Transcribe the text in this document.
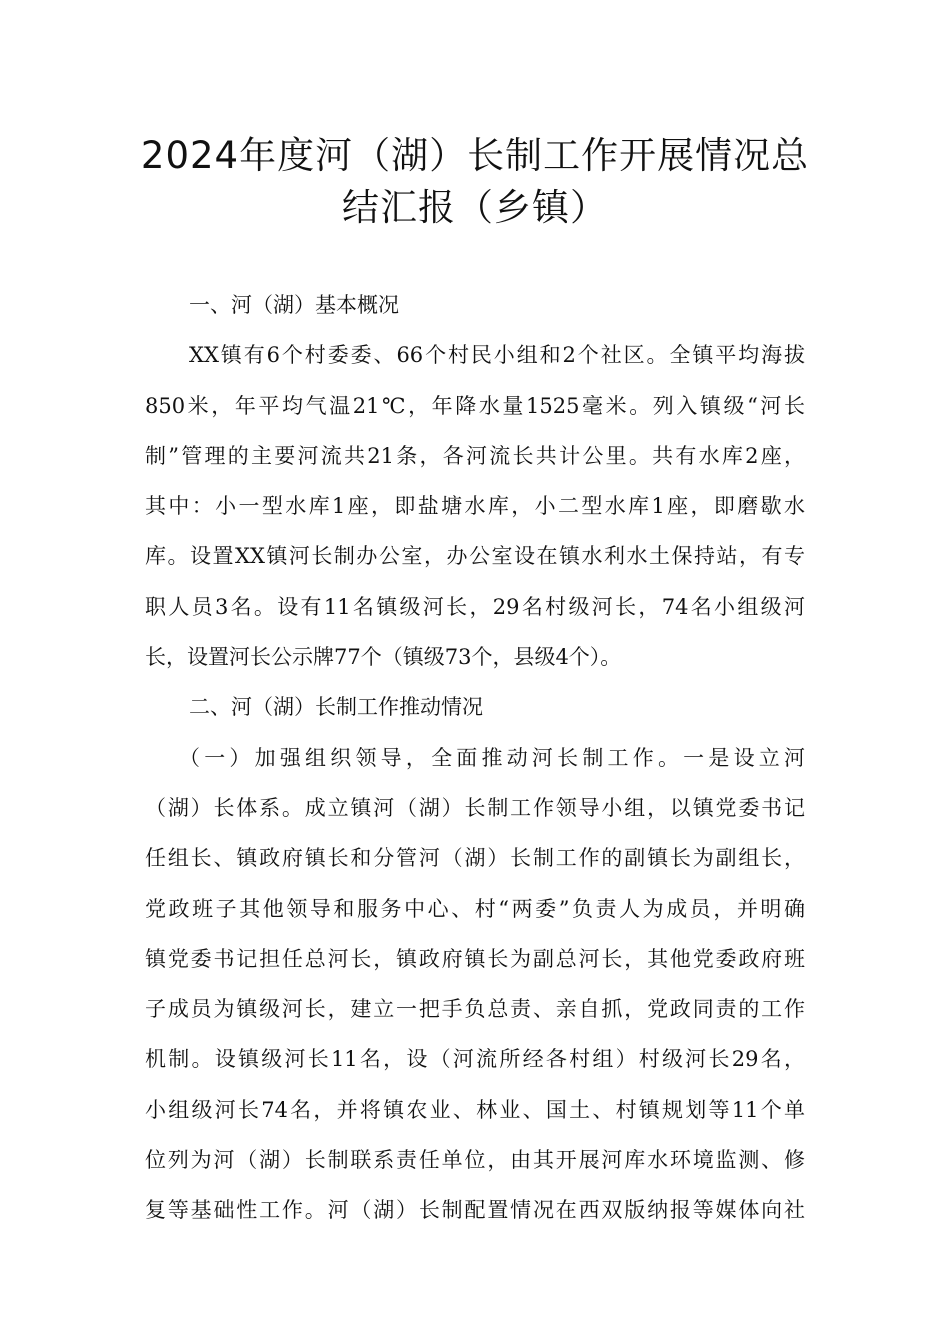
2024年度河（湖）长制工作开展情况总
结汇报（乡镇）
一、河（湖）基本概况
XX镇有6个村委委、66个村民小组和2个社区。全镇平均海拔
850米，年平均气温21℃，年降水量1525毫米。列入镇级“河长
制”管理的主要河流共21条，各河流长共计公里。共有水库2座，
其中：小一型水库1座，即盐塘水库，小二型水库1座，即磨歇水
库。设置XX镇河长制办公室，办公室设在镇水利水土保持站，有专
职人员3名。设有11名镇级河长，29名村级河长，74名小组级河
长，设置河长公示牌77个（镇级73个，县级4个）。
二、河（湖）长制工作推动情况
（一）加强组织领导，全面推动河长制工作。一是设立河
（湖）长体系。成立镇河（湖）长制工作领导小组，以镇党委书记
任组长、镇政府镇长和分管河（湖）长制工作的副镇长为副组长，
党政班子其他领导和服务中心、村“两委”负责人为成员，并明确
镇党委书记担任总河长，镇政府镇长为副总河长，其他党委政府班
子成员为镇级河长，建立一把手负总责、亲自抓，党政同责的工作
机制。设镇级河长11名，设（河流所经各村组）村级河长29名，
小组级河长74名，并将镇农业、林业、国土、村镇规划等11个单
位列为河（湖）长制联系责任单位，由其开展河库水环境监测、修
复等基础性工作。河（湖）长制配置情况在西双版纳报等媒体向社
